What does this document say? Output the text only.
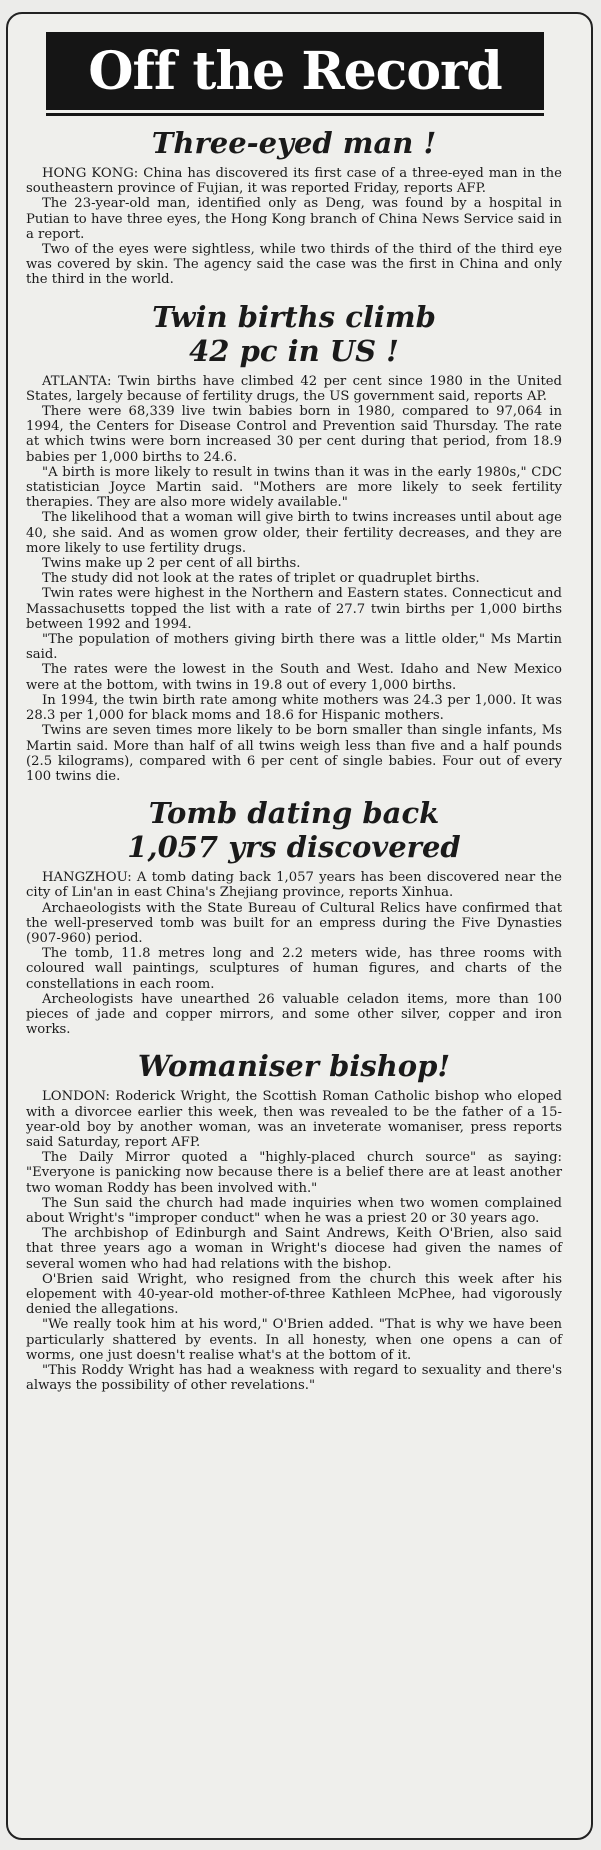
Off the Record
Three-eyed man !

HONG KONG: China has discovered its first case of a three-eyed man in the southeastern province of Fujian, it was reported Friday, reports AFP.

The 23-year-old man, identified only as Deng, was found by a hospital in Putian to have three eyes, the Hong Kong branch of China News Service said in a report.

Two of the eyes were sightless, while two thirds of the third of the third eye was covered by skin. The agency said the case was the first in China and only the third in the world.

Twin births climb
42 pc in US !

ATLANTA: Twin births have climbed 42 per cent since 1980 in the United States, largely because of fertility drugs, the US government said, reports AP.

There were 68,339 live twin babies born in 1980, compared to 97,064 in 1994, the Centers for Disease Control and Prevention said Thursday. The rate at which twins were born increased 30 per cent during that period, from 18.9 babies per 1,000 births to 24.6.

"A birth is more likely to result in twins than it was in the early 1980s," CDC statistician Joyce Martin said. "Mothers are more likely to seek fertility therapies. They are also more widely available."

The likelihood that a woman will give birth to twins increases until about age 40, she said. And as women grow older, their fertility decreases, and they are more likely to use fertility drugs.

Twins make up 2 per cent of all births.

The study did not look at the rates of triplet or quadruplet births.

Twin rates were highest in the Northern and Eastern states. Connecticut and Massachusetts topped the list with a rate of 27.7 twin births per 1,000 births between 1992 and 1994.

"The population of mothers giving birth there was a little older," Ms Martin said.

The rates were the lowest in the South and West. Idaho and New Mexico were at the bottom, with twins in 19.8 out of every 1,000 births.

In 1994, the twin birth rate among white mothers was 24.3 per 1,000. It was 28.3 per 1,000 for black moms and 18.6 for Hispanic mothers.

Twins are seven times more likely to be born smaller than single infants, Ms Martin said. More than half of all twins weigh less than five and a half pounds (2.5 kilograms), compared with 6 per cent of single babies. Four out of every 100 twins die.

Tomb dating back
1,057 yrs discovered

HANGZHOU: A tomb dating back 1,057 years has been discovered near the city of Lin'an in east China's Zhejiang province, reports Xinhua.

Archaeologists with the State Bureau of Cultural Relics have confirmed that the well-preserved tomb was built for an empress during the Five Dynasties (907-960) period.

The tomb, 11.8 metres long and 2.2 meters wide, has three rooms with coloured wall paintings, sculptures of human figures, and charts of the constellations in each room.

Archeologists have unearthed 26 valuable celadon items, more than 100 pieces of jade and copper mirrors, and some other silver, copper and iron works.

Womaniser bishop!

LONDON: Roderick Wright, the Scottish Roman Catholic bishop who eloped with a divorcee earlier this week, then was revealed to be the father of a 15-year-old boy by another woman, was an inveterate womaniser, press reports said Saturday, report AFP.

The Daily Mirror quoted a "highly-placed church source" as saying: "Everyone is panicking now because there is a belief there are at least another two woman Roddy has been involved with."

The Sun said the church had made inquiries when two women complained about Wright's "improper conduct" when he was a priest 20 or 30 years ago.

The archbishop of Edinburgh and Saint Andrews, Keith O'Brien, also said that three years ago a woman in Wright's diocese had given the names of several women who had had relations with the bishop.

O'Brien said Wright, who resigned from the church this week after his elopement with 40-year-old mother-of-three Kathleen McPhee, had vigorously denied the allegations.

"We really took him at his word," O'Brien added. "That is why we have been particularly shattered by events. In all honesty, when one opens a can of worms, one just doesn't realise what's at the bottom of it.

"This Roddy Wright has had a weakness with regard to sexuality and there's always the possibility of other revelations."
